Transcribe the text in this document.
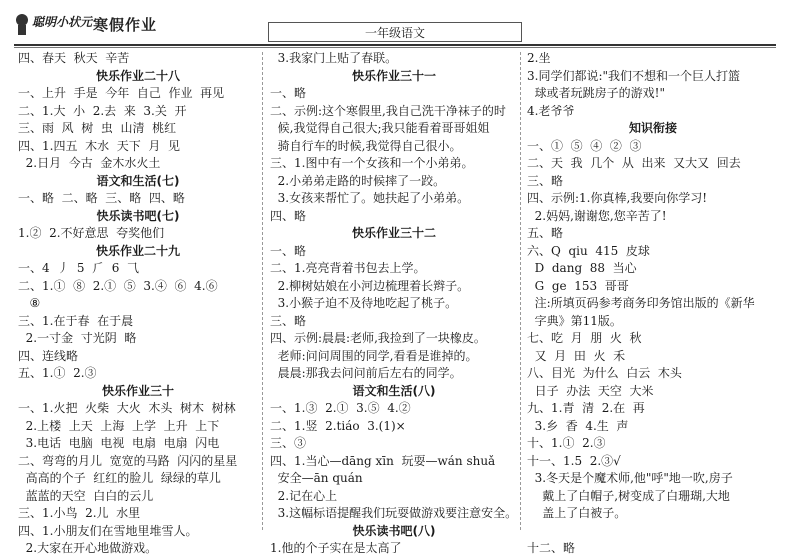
聪明小状元 寒假作业	一年级语文
四、春天  秋天  辛苦
快乐作业二十八
一、上升  手是  今年  自己  作业  再见
二、1.大  小  2.去  来  3.关  开
三、雨  风  树  虫  山清  桃红
四、1.四五  木水  天下  月  见
2.日月  今古  金木水火土
语文和生活(七)
一、略  二、略  三、略  四、略
快乐读书吧(七)
1.②  2.不好意思  夸奖他们
快乐作业二十九
一、4  丿  5  ⺁  6  ⺄
二、1.①  ⑧  2.①  ⑤  3.④  ⑥  4.⑥
⑧
三、1.在于春  在于晨
2.一寸金  寸光阴  略
四、连线略
五、1.①  2.③
快乐作业三十
一、1.火把  火柴  大火  木头  树木  树林
2.上楼  上天  上海  上学  上升  上下
3.电话  电脑  电视  电扇  电扇  闪电
二、弯弯的月儿  宽宽的马路  闪闪的星星
高高的个子  红红的脸儿  绿绿的草儿
蓝蓝的天空  白白的云儿
三、1.小鸟  2.儿  水里
四、1.小朋友们在雪地里堆雪人。
2.大家在开心地做游戏。
3.我家门上贴了春联。
快乐作业三十一
一、略
二、示例:这个寒假里,我自己洗干净袜子的时
候,我觉得自己很大;我只能看着哥哥姐姐
骑自行车的时候,我觉得自己很小。
三、1.图中有一个女孩和一个小弟弟。
2.小弟弟走路的时候摔了一跤。
3.女孩来帮忙了。她扶起了小弟弟。
四、略
快乐作业三十二
一、略
二、1.亮亮背着书包去上学。
2.柳树姑娘在小河边梳理着长辫子。
3.小猴子迫不及待地吃起了桃子。
三、略
四、示例:晨晨:老师,我捡到了一块橡皮。
老师:问问周围的同学,看看是谁掉的。
晨晨:那我去问问前后左右的同学。
语文和生活(八)
一、1.③  2.①  3.⑤  4.②
二、1.竖  2.tiáo  3.(1)×
三、③
四、1.当心—dāng xīn  玩耍—wán shuǎ
安全—ān quán
2.记在心上
3.这幅标语提醒我们玩耍做游戏要注意安全。
快乐读书吧(八)
1.他的个子实在是太高了
2.坐
3.同学们都说:"我们不想和一个巨人打篮
球或者玩跳房子的游戏!"
4.老爷爷
知识衔接
一、①  ⑤  ④  ②  ③
二、天  我  几个  从  出来  又大又  回去
三、略
四、示例:1.你真棒,我要向你学习!
2.妈妈,谢谢您,您辛苦了!
五、略
六、Q  qiu  415  皮球
D  dang  88  当心
G  ge  153  哥哥
注:所填页码参考商务印务馆出版的《新华
字典》第11版。
七、吃  月  朋  火  秋
又  月  田  火  禾
八、目光  为什么  白云  木头
日子  办法  天空  大米
九、1.青  清  2.在  再
3.乡  香  4.生  声
十、1.①  2.③
十一、1.5  2.③√
3.冬天是个魔术师,他"呼"地一吹,房子
戴上了白帽子,树变成了白珊瑚,大地
盖上了白被子。
十二、略
